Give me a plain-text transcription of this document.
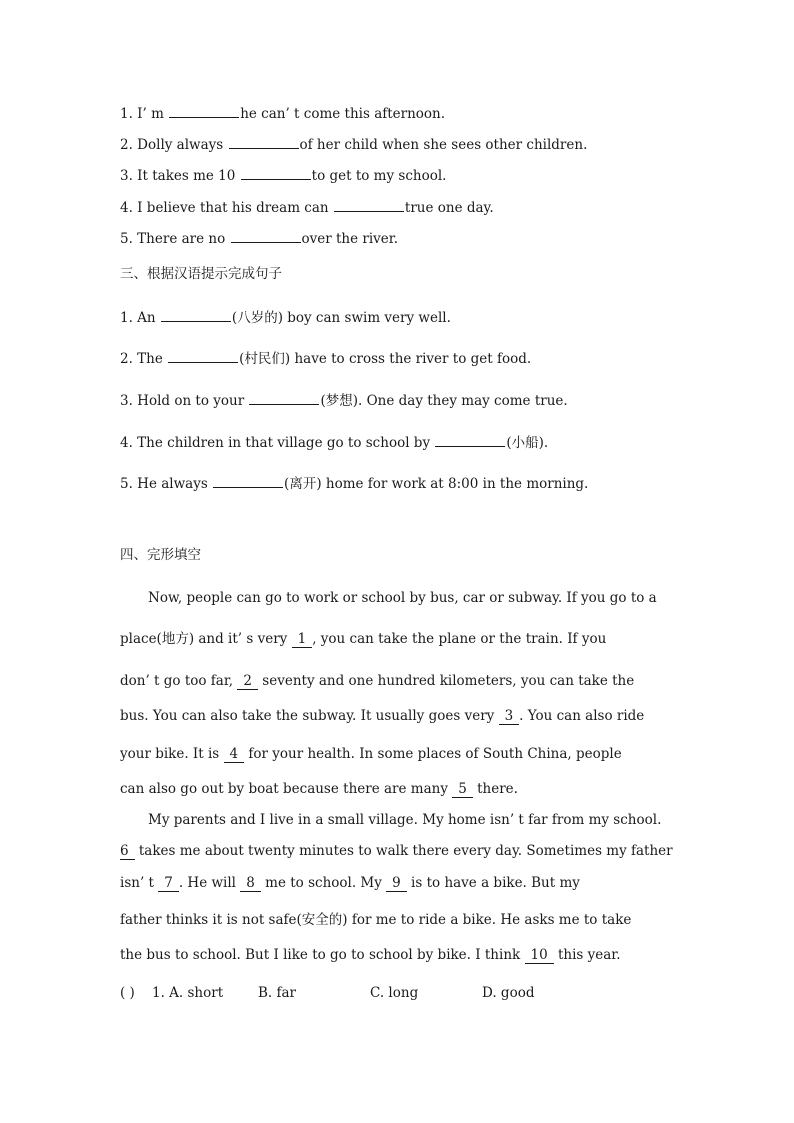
1. I’ m	he can’ t come this afternoon.
2. Dolly always	of her child when she sees other children.
3. It takes me 10	to get to my school.
4. I believe that his dream can	true one day.
5. There are no	over the river.
三、根据汉语提示完成句子
1. An	(八岁的) boy can swim very well.
2. The	(村民们) have to cross the river to get food.
3. Hold on to your	(梦想). One day they may come true.
4. The children in that village go to school by	(小船).
5. He always	(离开) home for work at 8:00 in the morning.
四、完形填空
Now, people can go to work or school by bus, car or subway. If you go to a
place(地方) and it’ s very 1 , you can take the plane or the train. If you
don’ t go too far, 2 seventy and one hundred kilometers, you can take the
bus. You can also take the subway. It usually goes very 3 . You can also ride
your bike. It is 4 for your health. In some places of South China, people
can also go out by boat because there are many 5 there.
My parents and I live in a small village. My home isn’ t far from my school.
6 takes me about twenty minutes to walk there every day. Sometimes my father
isn’ t 7 . He will 8 me to school. My 9 is to have a bike. But my
father thinks it is not safe(安全的) for me to ride a bike. He asks me to take
the bus to school. But I like to go to school by bike. I think 10 this year.
( ) 1. A. short	B. far	C. long	D. good
